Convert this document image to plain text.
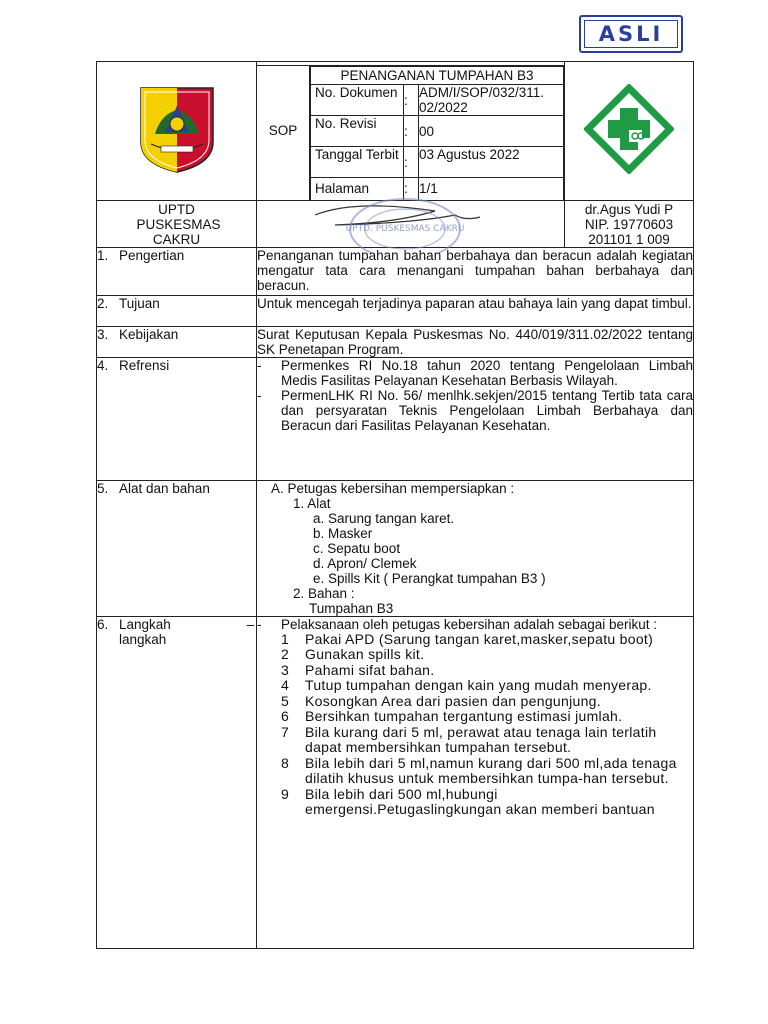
ASLI
	SOP	
PENANGANAN TUMPAHAN B3
No. Dokumen	:	ADM/I/SOP/032/311. 02/2022
No. Revisi	:	00
Tanggal Terbit	:	03 Agustus 2022
Halaman	:	1/1

UPTD PUSKESMAS CAKRU

UPTD. PUSKESMAS CAKRU

dr.Agus Yudi P
NIP. 19770603 201101 1 009

1. Pengertian	Penanganan tumpahan bahan berbahaya dan beracun adalah kegiatan mengatur tata cara menangani tumpahan bahan berbahaya dan beracun.
2. Tujuan	Untuk mencegah terjadinya paparan atau bahaya lain yang dapat timbul.
3. Kebijakan	Surat Keputusan Kepala Puskesmas No. 440/019/311.02/2022 tentang SK Penetapan Program.
4. Refrensi	-	Permenkes RI No.18 tahun 2020 tentang Pengelolaan Limbah Medis Fasilitas Pelayanan Kesehatan Berbasis Wilayah.
-	PermenLHK RI No. 56/ menlhk.sekjen/2015 tentang Tertib tata cara dan persyaratan Teknis Pengelolaan Limbah Berbahaya dan Beracun dari Fasilitas Pelayanan Kesehatan.

5. Alat dan bahan	A. Petugas kebersihan mempersiapkan :
1. Alat
a. Sarung tangan karet.
b. Masker
c. Sepatu boot
d. Apron/ Clemek
e. Spills Kit ( Perangkat tumpahan B3 )
2. Bahan :
Tumpahan B3

6. Langkah	–
langkah

-	Pelaksanaan oleh petugas kebersihan adalah sebagai berikut :
1	Pakai APD (Sarung tangan karet,masker,sepatu boot)
2	Gunakan spills kit.
3	Pahami sifat bahan.
4	Tutup tumpahan dengan kain yang mudah menyerap.
5	Kosongkan Area dari pasien dan pengunjung.
6	Bersihkan tumpahan tergantung estimasi jumlah.
7	Bila kurang dari 5 ml, perawat atau tenaga lain terlatih dapat membersihkan tumpahan tersebut.
8	Bila lebih dari 5 ml,namun kurang dari 500 ml,ada tenaga dilatih khusus untuk membersihkan tumpa-han tersebut.
9	Bila lebih dari 500 ml,hubungi emergensi.Petugaslingkungan akan memberi bantuan
